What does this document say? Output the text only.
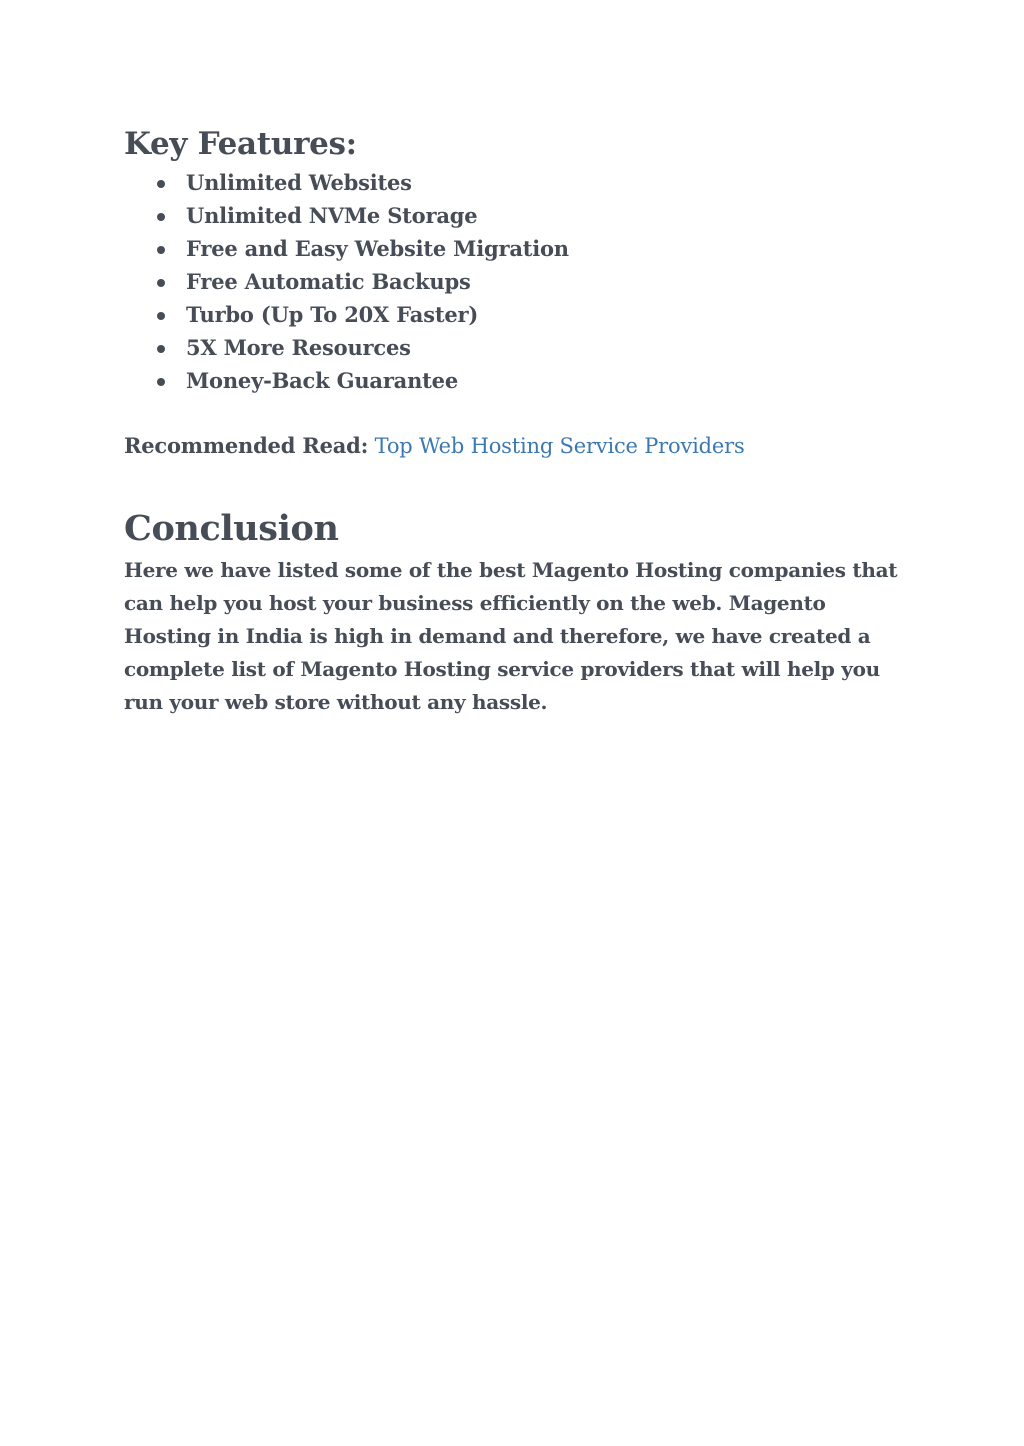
Key Features:
Unlimited Websites
Unlimited NVMe Storage
Free and Easy Website Migration
Free Automatic Backups
Turbo (Up To 20X Faster)
5X More Resources
Money-Back Guarantee

Recommended Read: Top Web Hosting Service Providers

Conclusion

Here we have listed some of the best Magento Hosting companies that can help you host your business efficiently on the web. Magento Hosting in India is high in demand and therefore, we have created a complete list of Magento Hosting service providers that will help you run your web store without any hassle.
